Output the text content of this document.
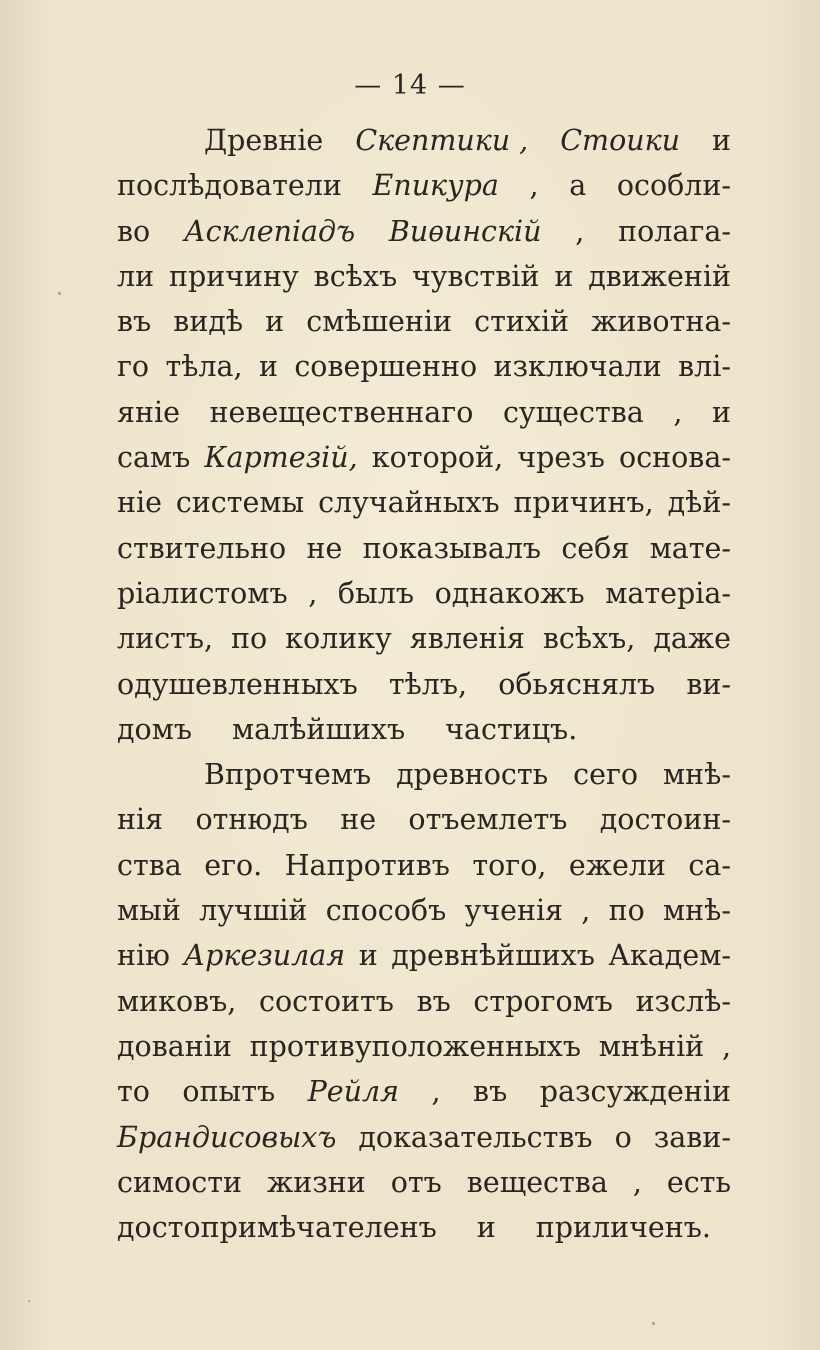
— 14 —
Древніе Скептики , Стоики и
послѣдователи Епикура , а особли-
во Асклепіадъ Виѳинскій , полага-
ли причину всѣхъ чувствій и движеній
въ видѣ и смѣшеніи стихій животна-
го тѣла, и совершенно изключали влі-
яніе невещественнаго существа , и
самъ Картезій, которой, чрезъ основа-
ніе системы случайныхъ причинъ, дѣй-
ствительно не показывалъ себя мате-
ріалистомъ , былъ однакожъ матеріа-
листъ, по колику явленія всѣхъ, даже
одушевленныхъ тѣлъ, обьяснялъ ви-
домъ малѣйшихъ частицъ.
Впротчемъ древность сего мнѣ-
нія отнюдъ не отъемлетъ достоин-
ства его. Напротивъ того, ежели са-
мый лучшій способъ ученія , по мнѣ-
нію Аркезилая и древнѣйшихъ Академ-
миковъ, состоитъ въ строгомъ изслѣ-
дованіи противуположенныхъ мнѣній ,
то опытъ Рейля , въ разсужденіи
Брандисовыхъ доказательствъ о зави-
симости жизни отъ вещества , есть
достопримѣчателенъ и приличенъ.
